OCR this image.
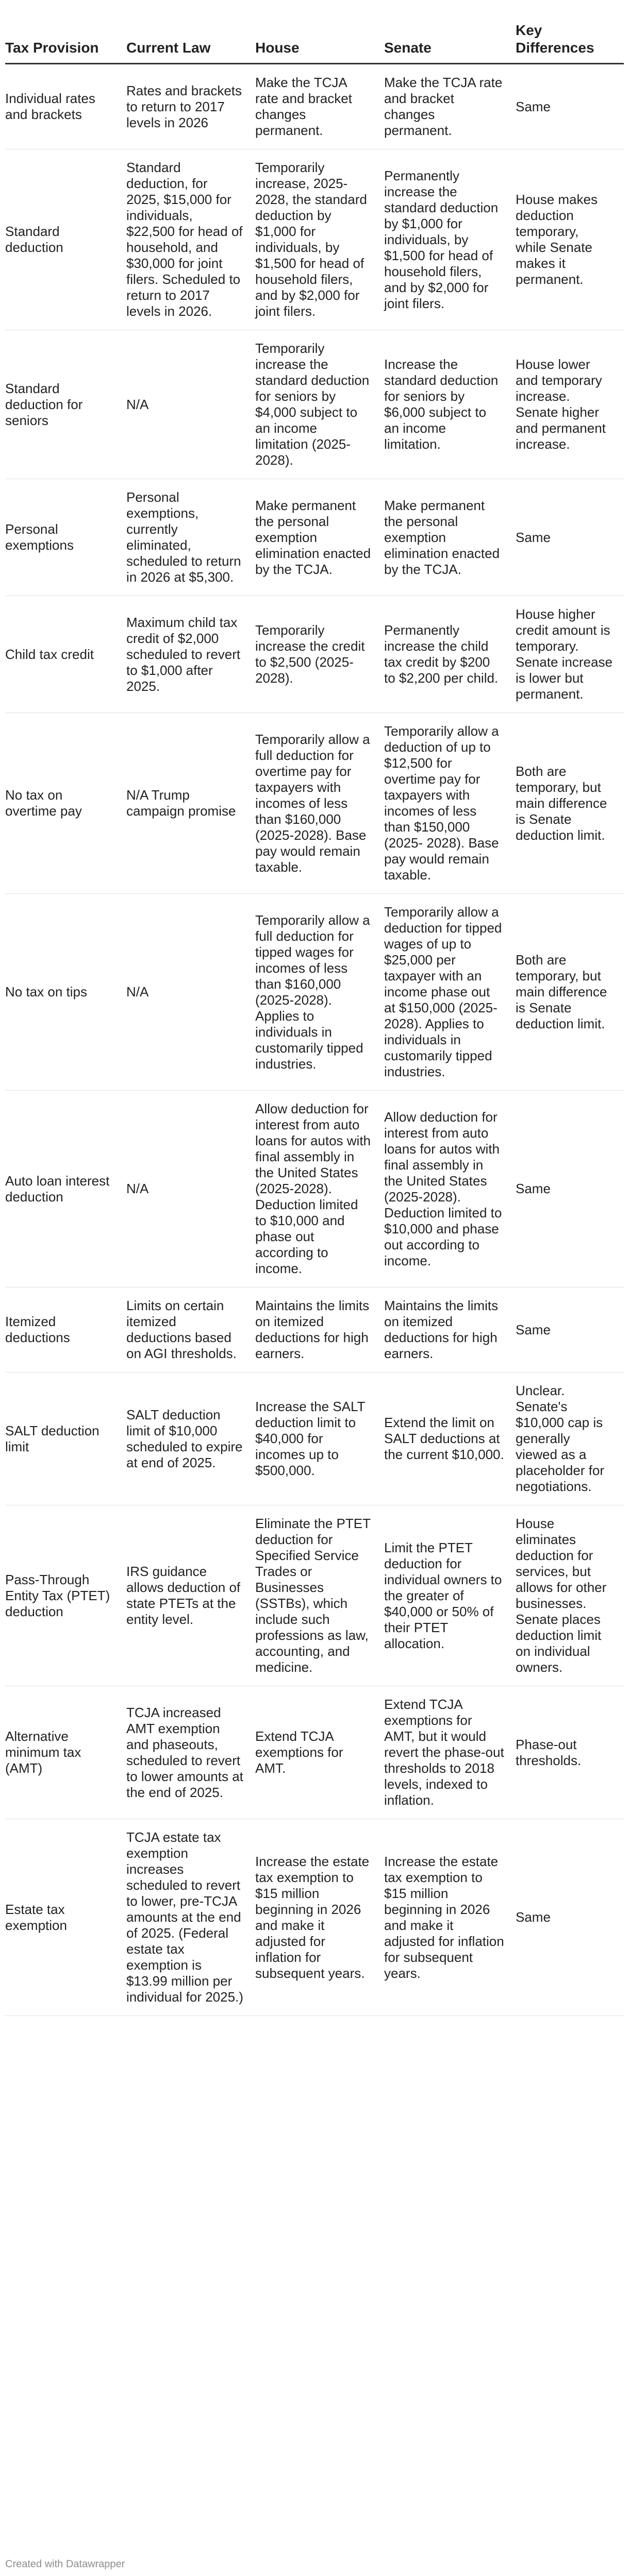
Tax Provision	Current Law	House	Senate	Key Differences
Individual rates and brackets	Rates and brackets to return to 2017 levels in 2026	Make the TCJA rate and bracket changes permanent.	Make the TCJA rate and bracket changes permanent.	Same
Standard deduction	Standard deduction, for 2025, $15,000 for individuals, $22,500 for head of household, and $30,000 for joint filers. Scheduled to return to 2017 levels in 2026.	Temporarily increase, 2025-2028, the standard deduction by $1,000 for individuals, by $1,500 for head of household filers, and by $2,000 for joint filers.	Permanently increase the standard deduction by $1,000 for individuals, by $1,500 for head of household filers, and by $2,000 for joint filers.	House makes deduction temporary, while Senate makes it permanent.
Standard deduction for seniors	N/A	Temporarily increase the standard deduction for seniors by $4,000 subject to an income limitation (2025-2028).	Increase the standard deduction for seniors by $6,000 subject to an income limitation.	House lower and temporary increase. Senate higher and permanent increase.
Personal exemptions	Personal exemptions, currently eliminated, scheduled to return in 2026 at $5,300.	Make permanent the personal exemption elimination enacted by the TCJA.	Make permanent the personal exemption elimination enacted by the TCJA.	Same
Child tax credit	Maximum child tax credit of $2,000 scheduled to revert to $1,000 after 2025.	Temporarily increase the credit to $2,500 (2025-2028).	Permanently increase the child tax credit by $200 to $2,200 per child.	House higher credit amount is temporary. Senate increase is lower but permanent.
No tax on overtime pay	N/A Trump campaign promise	Temporarily allow a full deduction for overtime pay for taxpayers with incomes of less than $160,000 (2025-2028). Base pay would remain taxable.	Temporarily allow a deduction of up to $12,500 for overtime pay for taxpayers with incomes of less than $150,000 (2025- 2028). Base pay would remain taxable.	Both are temporary, but main difference is Senate deduction limit.
No tax on tips	N/A	Temporarily allow a full deduction for tipped wages for incomes of less than $160,000 (2025-2028). Applies to individuals in customarily tipped industries.	Temporarily allow a deduction for tipped wages of up to $25,000 per taxpayer with an income phase out at $150,000 (2025-2028). Applies to individuals in customarily tipped industries.	Both are temporary, but main difference is Senate deduction limit.
Auto loan interest deduction	N/A	Allow deduction for interest from auto loans for autos with final assembly in the United States (2025-2028). Deduction limited to $10,000 and phase out according to income.	Allow deduction for interest from auto loans for autos with final assembly in the United States (2025-2028). Deduction limited to $10,000 and phase out according to income.	Same
Itemized deductions	Limits on certain itemized deductions based on AGI thresholds.	Maintains the limits on itemized deductions for high earners.	Maintains the limits on itemized deductions for high earners.	Same
SALT deduction limit	SALT deduction limit of $10,000 scheduled to expire at end of 2025.	Increase the SALT deduction limit to $40,000 for incomes up to $500,000.	Extend the limit on SALT deductions at the current $10,000.	Unclear. Senate's $10,000 cap is generally viewed as a placeholder for negotiations.
Pass-Through Entity Tax (PTET) deduction	IRS guidance allows deduction of state PTETs at the entity level.	Eliminate the PTET deduction for Specified Service Trades or Businesses (SSTBs), which include such professions as law, accounting, and medicine.	Limit the PTET deduction for individual owners to the greater of $40,000 or 50% of their PTET allocation.	House eliminates deduction for services, but allows for other businesses. Senate places deduction limit on individual owners.
Alternative minimum tax (AMT)	TCJA increased AMT exemption and phaseouts, scheduled to revert to lower amounts at the end of 2025.	Extend TCJA exemptions for AMT.	Extend TCJA exemptions for AMT, but it would revert the phase-out thresholds to 2018 levels, indexed to inflation.	Phase-out thresholds.
Estate tax exemption	TCJA estate tax exemption increases scheduled to revert to lower, pre-TCJA amounts at the end of 2025. (Federal estate tax exemption is $13.99 million per individual for 2025.)	Increase the estate tax exemption to $15 million beginning in 2026 and make it adjusted for inflation for subsequent years.	Increase the estate tax exemption to $15 million beginning in 2026 and make it adjusted for inflation for subsequent years.	Same
Created with Datawrapper
